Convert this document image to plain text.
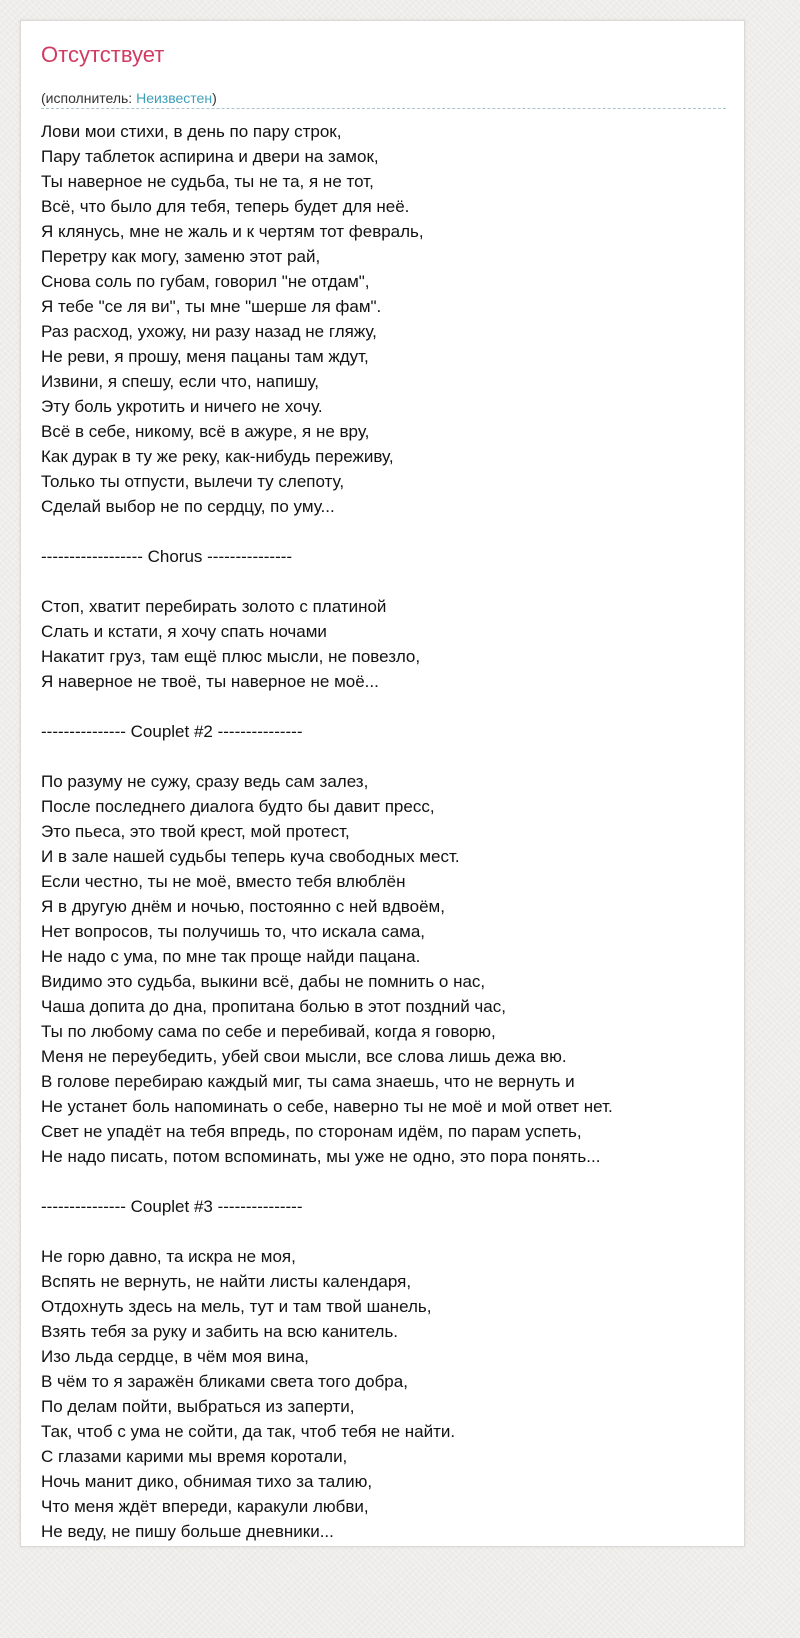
Отсутствует
(исполнитель: Неизвестен)
Лови мои стихи, в день по пару строк,
Пару таблеток аспирина и двери на замок,
Ты наверное не судьба, ты не та, я не тот,
Всё, что было для тебя, теперь будет для неё.
Я клянусь, мне не жаль и к чертям тот февраль,
Перетру как могу, заменю этот рай,
Снова соль по губам, говорил "не отдам",
Я тебе "се ля ви", ты мне "шерше ля фам".
Раз расход, ухожу, ни разу назад не гляжу,
Не реви, я прошу, меня пацаны там ждут,
Извини, я спешу, если что, напишу,
Эту боль укротить и ничего не хочу.
Всё в себе, никому, всё в ажуре, я не вру,
Как дурак в ту же реку, как-нибудь переживу,
Только ты отпусти, вылечи ту слепоту,
Сделай выбор не по сердцу, по уму...
------------------ Chorus ---------------
Стоп, хватит перебирать золото с платиной
Слать и кстати, я хочу спать ночами
Накатит груз, там ещё плюс мысли, не повезло,
Я наверное не твоё, ты наверное не моё...
--------------- Couplet #2 ---------------
По разуму не сужу, сразу ведь сам залез,
После последнего диалога будто бы давит пресс,
Это пьеса, это твой крест, мой протест,
И в зале нашей судьбы теперь куча свободных мест.
Если честно, ты не моё, вместо тебя влюблён
Я в другую днём и ночью, постоянно с ней вдвоём,
Нет вопросов, ты получишь то, что искала сама,
Не надо с ума, по мне так проще найди пацана.
Видимо это судьба, выкини всё, дабы не помнить о нас,
Чаша допита до дна, пропитана болью в этот поздний час,
Ты по любому сама по себе и перебивай, когда я говорю,
Меня не переубедить, убей свои мысли, все слова лишь дежа вю.
В голове перебираю каждый миг, ты сама знаешь, что не вернуть и
Не устанет боль напоминать о себе, наверно ты не моё и мой ответ нет.
Свет не упадёт на тебя впредь, по сторонам идём, по парам успеть,
Не надо писать, потом вспоминать, мы уже не одно, это пора понять...
--------------- Couplet #3 ---------------
Не горю давно, та искра не моя,
Вспять не вернуть, не найти листы календаря,
Отдохнуть здесь на мель, тут и там твой шанель,
Взять тебя за руку и забить на всю канитель.
Изо льда сердце, в чём моя вина,
В чём то я заражён бликами света того добра,
По делам пойти, выбраться из заперти,
Так, чтоб с ума не сойти, да так, чтоб тебя не найти.
С глазами карими мы время коротали,
Ночь манит дико, обнимая тихо за талию,
Что меня ждёт впереди, каракули любви,
Не веду, не пишу больше дневники...
